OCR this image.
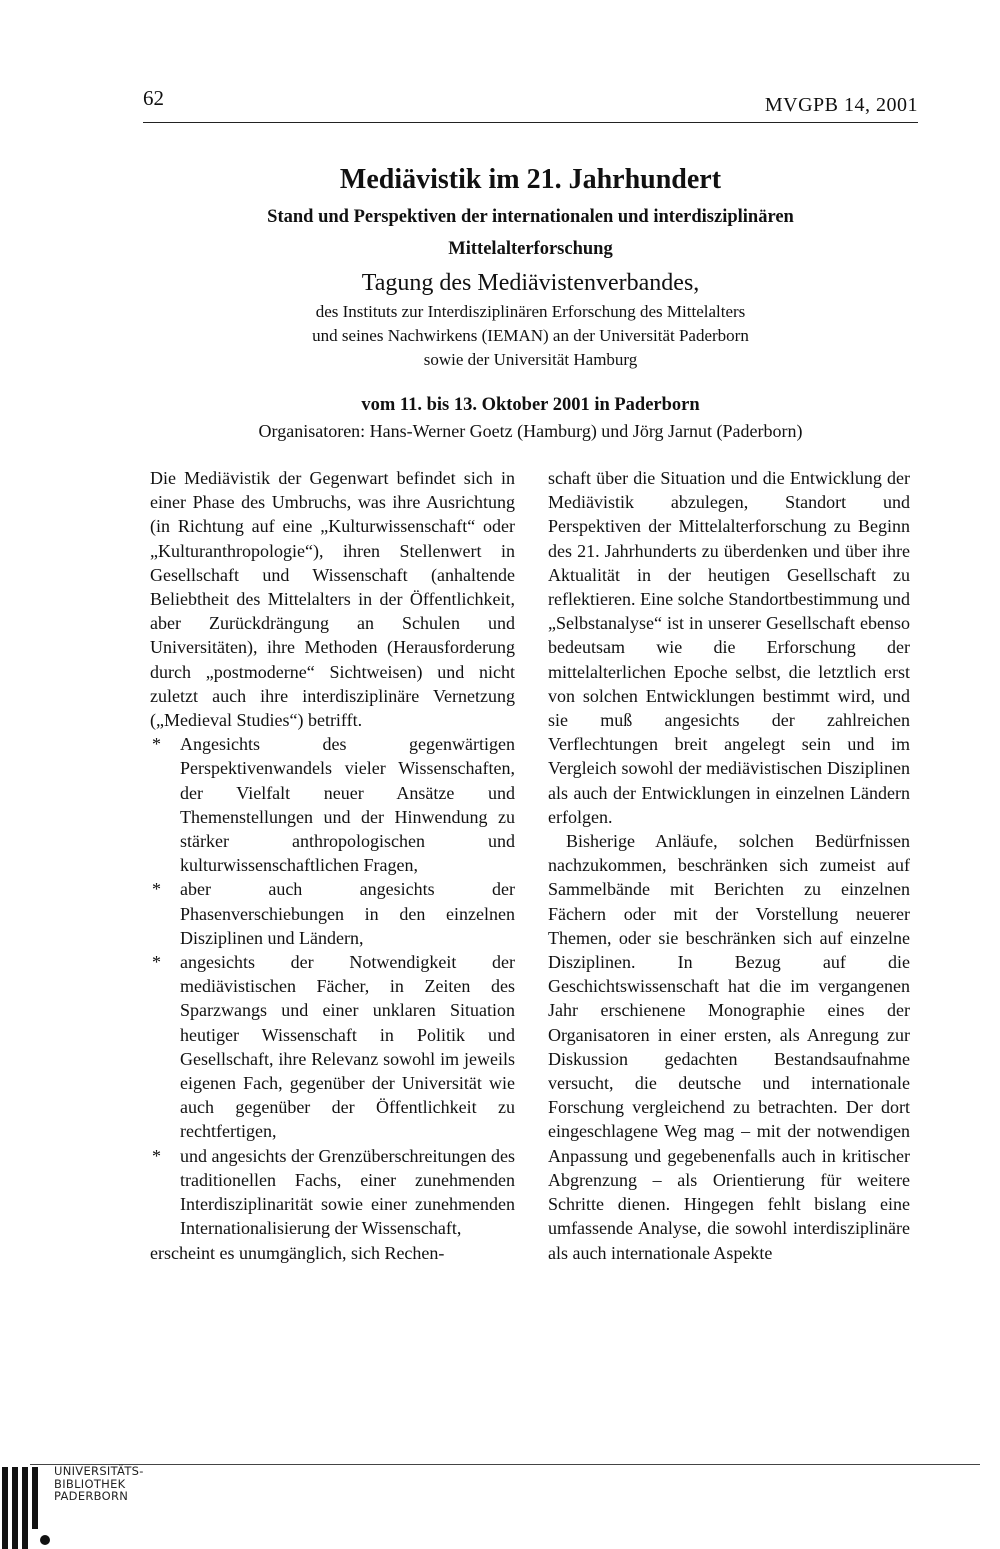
62	MVGPB 14, 2001
Mediävistik im 21. Jahrhundert
Stand und Perspektiven der internationalen und interdisziplinären
Mittelalterforschung
Tagung des Mediävistenverbandes,
des Instituts zur Interdisziplinären Erforschung des Mittelalters
und seines Nachwirkens (IEMAN) an der Universität Paderborn
sowie der Universität Hamburg
vom 11. bis 13. Oktober 2001 in Paderborn
Organisatoren: Hans-Werner Goetz (Hamburg) und Jörg Jarnut (Paderborn)

Die Mediävistik der Gegenwart befindet sich in einer Phase des Umbruchs, was ihre Ausrichtung (in Richtung auf eine „Kulturwissenschaft“ oder „Kulturanthropologie“), ihren Stellenwert in Gesellschaft und Wissenschaft (anhaltende Beliebtheit des Mittelalters in der Öffentlichkeit, aber Zurückdrängung an Schulen und Universitäten), ihre Methoden (Herausforderung durch „postmoderne“ Sichtweisen) und nicht zuletzt auch ihre interdisziplinäre Vernetzung („Medieval Studies“) betrifft.

* Angesichts des gegenwärtigen Perspektivenwandels vieler Wissenschaften, der Vielfalt neuer Ansätze und Themenstellungen und der Hinwendung zu stärker anthropologischen und kulturwissenschaftlichen Fragen,
* aber auch angesichts der Phasenverschiebungen in den einzelnen Disziplinen und Ländern,
* angesichts der Notwendigkeit der mediävistischen Fächer, in Zeiten des Sparzwangs und einer unklaren Situation heutiger Wissenschaft in Politik und Gesellschaft, ihre Relevanz sowohl im jeweils eigenen Fach, gegenüber der Universität wie auch gegenüber der Öffentlichkeit zu rechtfertigen,
* und angesichts der Grenzüberschreitungen des traditionellen Fachs, einer zunehmenden Interdisziplinarität sowie einer zunehmenden Internationalisierung der Wissenschaft,

erscheint es unumgänglich, sich Rechen-

schaft über die Situation und die Entwicklung der Mediävistik abzulegen, Standort und Perspektiven der Mittelalterforschung zu Beginn des 21. Jahrhunderts zu überdenken und über ihre Aktualität in der heutigen Gesellschaft zu reflektieren. Eine solche Standortbestimmung und „Selbstanalyse“ ist in unserer Gesellschaft ebenso bedeutsam wie die Erforschung der mittelalterlichen Epoche selbst, die letztlich erst von solchen Entwicklungen bestimmt wird, und sie muß angesichts der zahlreichen Verflechtungen breit angelegt sein und im Vergleich sowohl der mediävistischen Disziplinen als auch der Entwicklungen in einzelnen Ländern erfolgen.

Bisherige Anläufe, solchen Bedürfnissen nachzukommen, beschränken sich zumeist auf Sammelbände mit Berichten zu einzelnen Fächern oder mit der Vorstellung neuerer Themen, oder sie beschränken sich auf einzelne Disziplinen. In Bezug auf die Geschichtswissenschaft hat die im vergangenen Jahr erschienene Monographie eines der Organisatoren in einer ersten, als Anregung zur Diskussion gedachten Bestandsaufnahme versucht, die deutsche und internationale Forschung vergleichend zu betrachten. Der dort eingeschlagene Weg mag – mit der notwendigen Anpassung und gegebenenfalls auch in kritischer Abgrenzung – als Orientierung für weitere Schritte dienen. Hingegen fehlt bislang eine umfassende Analyse, die sowohl interdisziplinäre als auch internationale Aspekte

UNIVERSITÄTS-
BIBLIOTHEK
PADERBORN
